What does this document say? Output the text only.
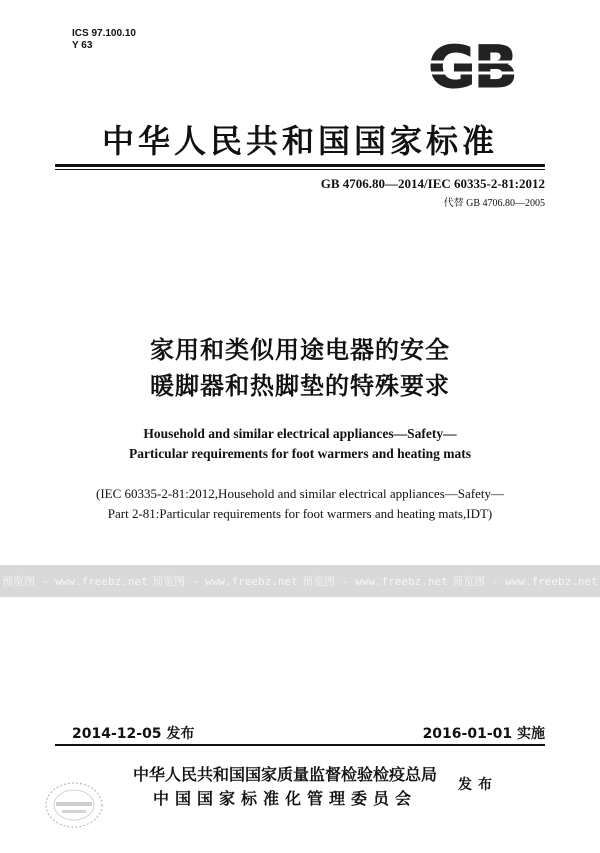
ICS 97.100.10
Y 63	GB
中华人民共和国国家标准
GB 4706.80—2014/IEC 60335-2-81:2012
代替 GB 4706.80—2005
家用和类似用途电器的安全
暖脚器和热脚垫的特殊要求
Household and similar electrical appliances—Safety—
Particular requirements for foot warmers and heating mats
(IEC 60335-2-81:2012,Household and similar electrical appliances—Safety—
Part 2-81:Particular requirements for foot warmers and heating mats,IDT)
预览图 - www.freebz.net 预览图 - www.freebz.net 预览图 - www.freebz.net 预览图 - www.freebz.net
2014-12-05 发布	2016-01-01 实施
中华人民共和国国家质量监督检验检疫总局
中国国家标准化管理委员会
发布
